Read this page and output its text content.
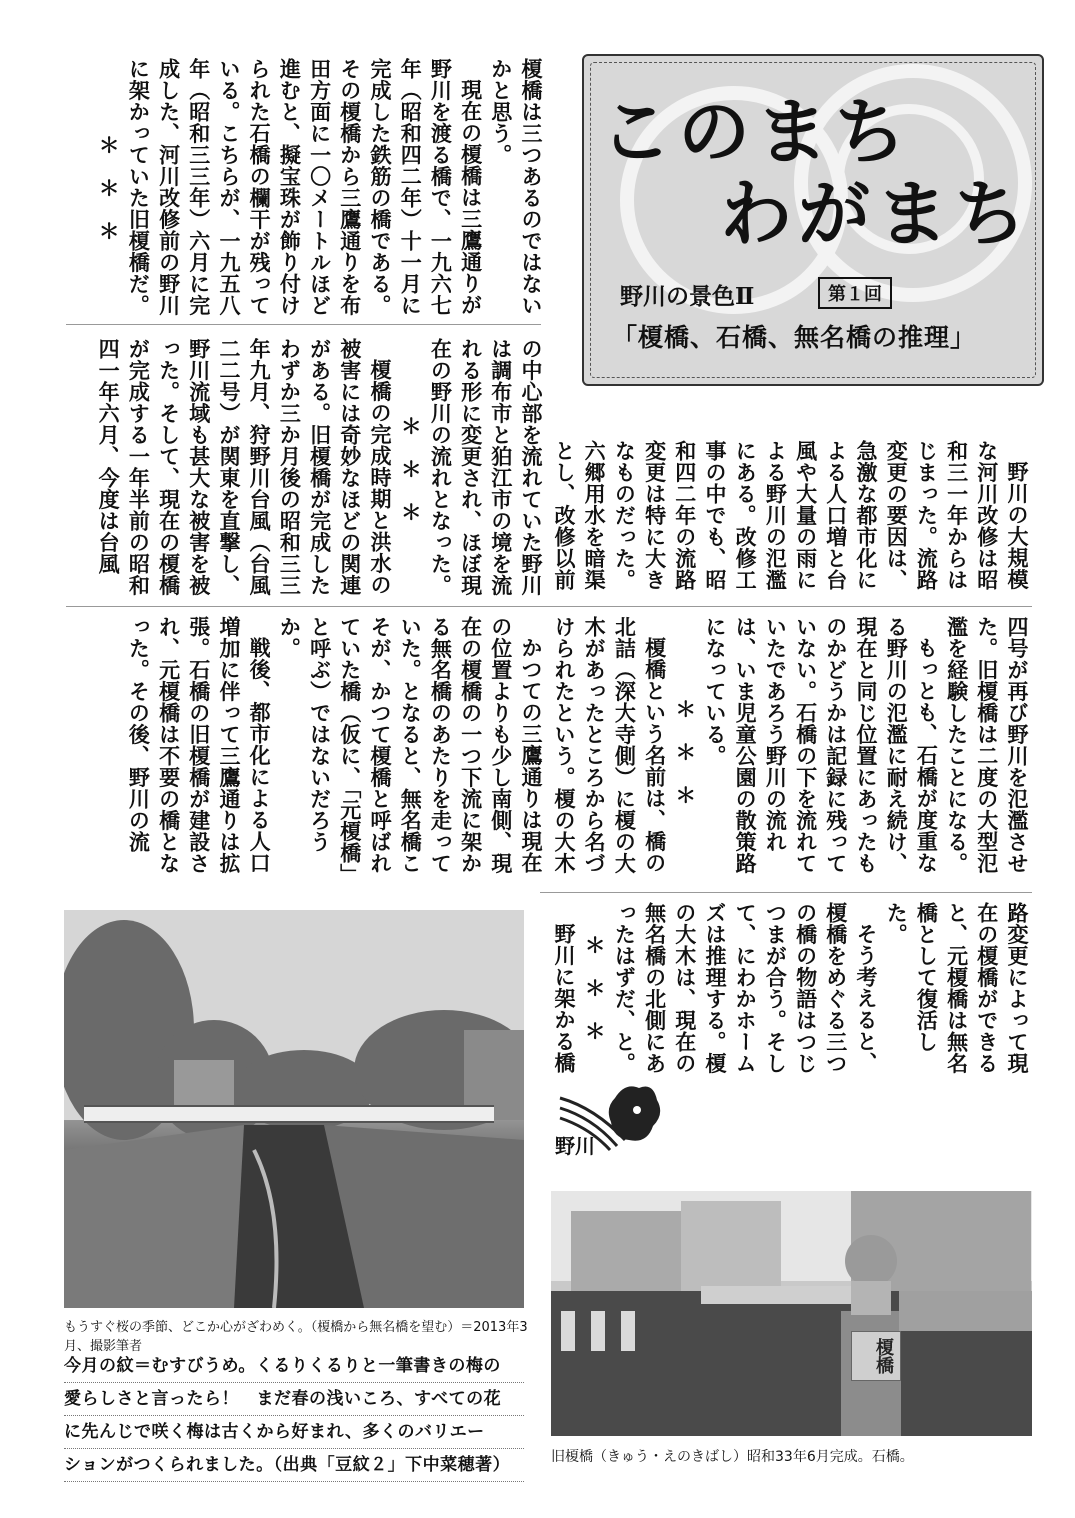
榎橋は三つあるのではないかと思う。

現在の榎橋は三鷹通りが野川を渡る橋で、一九六七年（昭和四二年）十一月に完成した鉄筋の橋である。

その榎橋から三鷹通りを布田方面に一〇メートルほど進むと、擬宝珠が飾り付けられた石橋の欄干が残っている。こちらが、一九五八年（昭和三三年）六月に完成した、河川改修前の野川に架かっていた旧榎橋だ。

＊　＊　＊

このまち
わがまち
野川の景色Ⅱ	第１回
「榎橋、石橋、無名橋の推理」

の中心部を流れていた野川は調布市と狛江市の境を流れる形に変更され、ほぼ現在の野川の流れとなった。

＊　＊　＊

榎橋の完成時期と洪水の被害には奇妙なほどの関連がある。旧榎橋が完成したわずか三か月後の昭和三三年九月、狩野川台風（台風二二号）が関東を直撃し、野川流域も甚大な被害を被った。そして、現在の榎橋が完成する一年半前の昭和四一年六月、今度は台風	野川の大規模な河川改修は昭和三一年からはじまった。流路変更の要因は、急激な都市化による人口増と台風や大量の雨による野川の氾濫にある。改修工事の中でも、昭和四二年の流路変更は特に大きなものだった。六郷用水を暗渠とし、改修以前

かつての三鷹通りは現在の位置よりも少し南側、現在の榎橋の一つ下流に架かる無名橋のあたりを走っていた。となると、無名橋こそが、かつて榎橋と呼ばれていた橋（仮に、「元榎橋」と呼ぶ）ではないだろうか。

戦後、都市化による人口増加に伴って三鷹通りは拡張。石橋の旧榎橋が建設され、元榎橋は不要の橋となった。その後、野川の流	四号が再び野川を氾濫させた。旧榎橋は二度の大型氾濫を経験したことになる。

もっとも、石橋が度重なる野川の氾濫に耐え続け、現在と同じ位置にあったものかどうかは記録に残っていない。石橋の下を流れていたであろう野川の流れは、いま児童公園の散策路になっている。

＊　＊　＊

榎橋という名前は、橋の北詰（深大寺側）に榎の大木があったところから名づけられたという。榎の大木

路変更によって現在の榎橋ができると、元榎橋は無名橋として復活した。

そう考えると、榎橋をめぐる三つの橋の物語はつじつまが合う。そして、にわかホームズは推理する。榎の大木は、現在の無名橋の北側にあったはずだ、と。

＊　＊　＊

野川に架かる橋

野川
もうすぐ桜の季節、どこか心がざわめく。（榎橋から無名橋を望む）＝2013年3月、撮影筆者
今月の紋＝むすびうめ。くるりくるりと一筆書きの梅の
愛らしさと言ったら！　まだ春の浅いころ、すべての花
に先んじで咲く梅は古くから好まれ、多くのバリエー
ションがつくられました。（出典「豆紋２」下中菜穂著）
榎橋
旧榎橋（きゅう・えのきばし）昭和33年6月完成。石橋。
